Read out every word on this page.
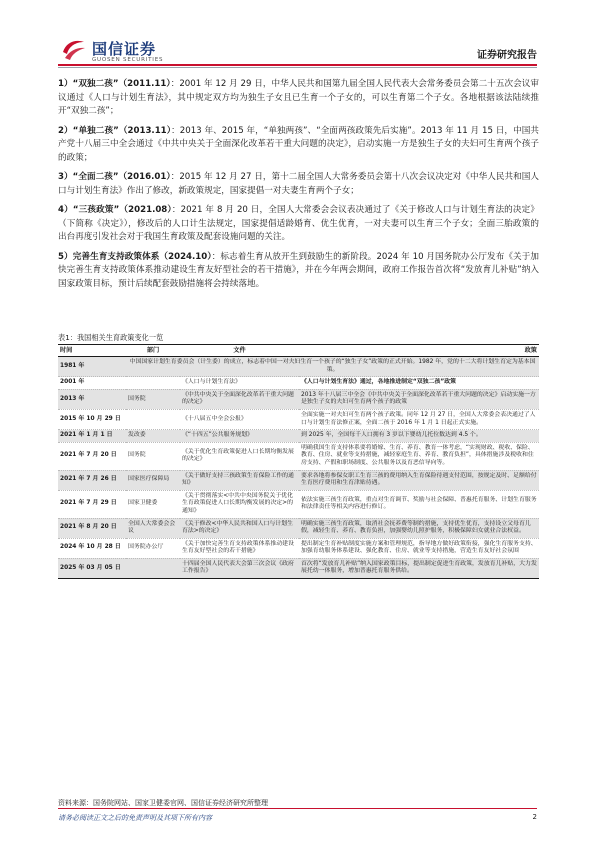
国信证券
GUOSEN SECURITIES	证券研究报告

1）“双独二孩”（2011.11）：2001 年 12 月 29 日，中华人民共和国第九届全国人民代表大会常务委员会第二十五次会议审议通过《人口与计划生育法》，其中规定双方均为独生子女且已生育一个子女的，可以生育第二个子女。各地根据该法陆续推开“双独二孩”；

2）“单独二孩”（2013.11）：2013 年、2015 年，“单独两孩”、“全面两孩政策先后实施”。2013 年 11 月 15 日，中国共产党十八届三中全会通过《中共中央关于全面深化改革若干重大问题的决定》，启动实施一方是独生子女的夫妇可生育两个孩子的政策；

3）“全面二孩”（2016.01）：2015 年 12 月 27 日，第十二届全国人大常务委员会第十八次会议决定对《中华人民共和国人口与计划生育法》作出了修改，新政策规定，国家提倡一对夫妻生育两个子女；

4）“三孩政策”（2021.08）：2021 年 8 月 20 日，全国人大常委会会议表决通过了《关于修改人口与计划生育法的决定》（下简称《决定》），修改后的人口计生法规定，国家提倡适龄婚育、优生优育，一对夫妻可以生育三个子女；全面三胎政策的出台再度引发社会对于我国生育政策及配套设施问题的关注。

5）完善生育支持政策体系（2024.10）：标志着生育从放开生到鼓励生的新阶段。2024 年 10 月国务院办公厅发布《关于加快完善生育支持政策体系推动建设生育友好型社会的若干措施》，并在今年两会期间，政府工作报告首次将“发放育儿补贴”纳入国家政策目标，预计后续配套鼓励措施将会持续落地。

表1：我国相关生育政策变化一览
时间	部门	文件	政策
1981 年	中国国家计划生育委员会（计生委）的成立，标志着中国一对夫妇生育一个孩子的“独生子女”政策的正式开始。1982 年，党的十二大将计划生育定为基本国策。		
2001 年		《人口与计划生育法》	《人口与计划生育法》通过，各地推进制定“双独二孩”政策
2013 年	国务院	《中共中央关于全面深化改革若干重大问题的决定》	2013 年十八届三中全会《中共中央关于全面深化改革若干重大问题的决定》启动实施一方是独生子女的夫妇可生育两个孩子的政策
2015 年 10 月 29 日		《十八届五中全会公报》	全面实施一对夫妇可生育两个孩子政策。同年 12 月 27 日，全国人大常委会表决通过了人口与计划生育法修正案，全面二孩于 2016 年 1 月 1 日起正式实施。
2021 年 1 月 1 日	发改委	《“十四五”公共服务规划》	到 2025 年，全国每千人口拥有 3 岁以下婴幼儿托位数达到 4.5 个。
2021 年 7 月 20 日	国务院	《关于优化生育政策促进人口长期均衡发展的决定》	明确我国生育支持体系要将婚嫁、生育、养育、教育一体考虑，“实现财政、税收、保险、教育、住房、就业等支持措施，减轻家庭生育、养育、教育负担”，具体措施涉及税收和住房支持、产假和职场制度、公共服务以及育恶信导向等。
2021 年 7 月 26 日	国家医疗保障局	《关于做好支持三孩政策生育保险工作的通知》	要求各地将参保女职工生育三孩的费用纳入生育保险待遇支付范围，按规定及时、足额给付生育医疗费用和生育津贴待遇。
2021 年 7 月 29 日	国家卫健委	《关于贯彻落实<中共中央国务院关于优化生育政策促进人口长期均衡发展的决定>的通知》	依法实施三孩生育政策，重点对生育调节、奖励与社会保障、普惠托育服务、计划生育服务和法律责任等相关内容进行修订。
2021 年 8 月 20 日	全国人大常委会会议	《关于修改<中华人民共和国人口与计划生育法>的决定》	明确实施三孩生育政策，取消社会抚养费等制约措施，支持优生优育，支持设立父母育儿假，减轻生育、养育、教育负担，加强婴幼儿照护服务，积极保障妇女就业合法权益。
2024 年 10 月 28 日	国务院办公厅	《关于加快完善生育支持政策体系推动建设生育友好型社会的若干措施》	提出制定生育补贴制度实施方案和管理规范，指导地方做好政策衔接，强化生育服务支持、加强育幼服务体系建设、强化教育、住房、就业等支持措施，营造生育友好社会氛围
2025 年 03 月 05 日		十四届全国人民代表大会第三次会议《政府工作报告》	首次将“发放育儿补贴”纳入国家政策目标，提出制定促进生育政策，发放育儿补贴，大力发展托幼一体服务，增加普惠托育服务供给。
资料来源：国务院网站、国家卫健委官网、国信证券经济研究所整理
请务必阅读正文之后的免责声明及其项下所有内容	2
